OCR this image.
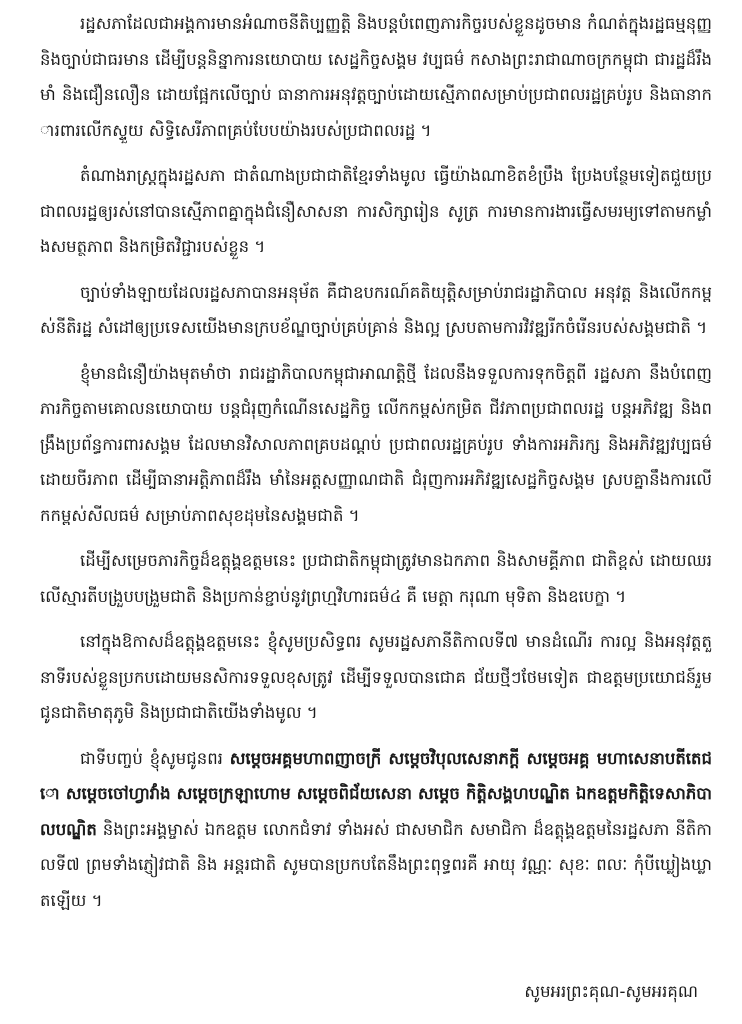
រដ្ឋសភាដែលជាអង្គការមានអំណាចនីតិប្បញ្ញត្តិ និងបន្តបំពេញភារកិច្ចរបស់ខ្លួនដូចមាន កំណត់ក្នុងរដ្ឋធម្មនុញ្ញ និងច្បាប់ជាធរមាន ដើម្បីបន្តនិន្នាការនយោបាយ សេដ្ឋកិច្ចសង្គម វប្បធម៌ កសាងព្រះរាជាណាចក្រកម្ពុជា ជារដ្ឋដ៏រឹងមាំ និងជឿនលឿន ដោយផ្អែកលើច្បាប់ ធានាការអនុវត្តច្បាប់ដោយស្មើភាពសម្រាប់ប្រជាពលរដ្ឋគ្រប់រូប និងធានាការពារលើកស្ទួយ សិទ្ធិសេរីភាពគ្រប់បែបយ៉ាងរបស់ប្រជាពលរដ្ឋ ។

តំណាងរាស្ត្រក្នុងរដ្ឋសភា ជាតំណាងប្រជាជាតិខ្មែរទាំងមូល ធ្វើយ៉ាងណាខិតខំប្រឹង ប្រែងបន្ថែមទៀតជួយប្រជាពលរដ្ឋឲ្យរស់នៅបានស្មើភាពគ្នាក្នុងជំនឿសាសនា ការសិក្សារៀន សូត្រ ការមានការងារធ្វើសមរម្យទៅតាមកម្លាំងសមត្ថភាព និងកម្រិតវិជ្ជារបស់ខ្លួន ។

ច្បាប់ទាំងឡាយដែលរដ្ឋសភាបានអនុម័ត គឺជាឧបករណ៍គតិយុត្តិសម្រាប់រាជរដ្ឋាភិបាល អនុវត្ត និងលើកកម្ពស់នីតិរដ្ឋ សំដៅឲ្យប្រទេសយើងមានក្របខ័ណ្ឌច្បាប់គ្រប់គ្រាន់ និងល្អ ស្របតាមការវិវឌ្ឍរីកចំរើនរបស់សង្គមជាតិ ។

ខ្ញុំមានជំនឿយ៉ាងមុតមាំថា រាជរដ្ឋាភិបាលកម្ពុជាអាណត្តិថ្មី ដែលនឹងទទួលការទុកចិត្តពី រដ្ឋសភា នឹងបំពេញភារកិច្ចតាមគោលនយោបាយ បន្តជំរុញកំណើនសេដ្ឋកិច្ច លើកកម្ពស់កម្រិត ជីវភាពប្រជាពលរដ្ឋ បន្តអភិវឌ្ឍ និងពង្រឹងប្រព័ន្ធការពារសង្គម ដែលមានវិសាលភាពគ្របដណ្តប់ ប្រជាពលរដ្ឋគ្រប់រូប ទាំងការអភិរក្ស និងអភិវឌ្ឍវប្បធម៌ដោយចីរភាព ដើម្បីធានាអត្តិភាពដ៏រឹង មាំនៃអត្តសញ្ញាណជាតិ ជំរុញការអភិវឌ្ឍសេដ្ឋកិច្ចសង្គម ស្របគ្នានឹងការលើកកម្ពស់សីលធម៌ សម្រាប់ភាពសុខដុមនៃសង្គមជាតិ ។

ដើម្បីសម្រេចភារកិច្ចដ៏ឧត្តុង្គឧត្តមនេះ ប្រជាជាតិកម្ពុជាត្រូវមានឯកភាព និងសាមគ្គីភាព ជាតិខ្ពស់ ដោយឈរលើស្មារតីបង្រួបបង្រួមជាតិ និងប្រកាន់ខ្ជាប់នូវព្រហ្មវិហារធម៌៤ គឺ មេត្តា ករុណា មុទិតា និងឧបេក្ខា ។

នៅក្នុងឱកាសដ៏ឧត្តុង្គឧត្តមនេះ ខ្ញុំសូមប្រសិទ្ធពរ សូមរដ្ឋសភានីតិកាលទី៧ មានដំណើរ ការល្អ និងអនុវត្តតួនាទីរបស់ខ្លួនប្រកបដោយមនសិការទទួលខុសត្រូវ ដើម្បីទទួលបានជោគ ជ័យថ្មីៗថែមទៀត ជាឧត្តមប្រយោជន៍រួម ជូនជាតិមាតុភូមិ និងប្រជាជាតិយើងទាំងមូល ។

ជាទីបញ្ចប់ ខ្ញុំសូមជូនពរ សម្តេចអគ្គមហាពញាចក្រី សម្តេចវិបុលសេនាភក្តី សម្តេចអគ្គ មហាសេនាបតីតេជោ សម្តេចចៅហ្វាវាំង សម្តេចក្រឡាហោម សម្តេចពិជ័យសេនា សម្តេច កិត្តិសង្គហបណ្ឌិត ឯកឧត្តមកិត្តិទេសាភិបាលបណ្ឌិត និងព្រះអង្គម្ចាស់ ឯកឧត្តម លោកជំទាវ ទាំងអស់ ជាសមាជិក សមាជិកា ដ៏ឧត្តុង្គឧត្តមនៃរដ្ឋសភា នីតិកាលទី៧ ព្រមទាំងភ្ញៀវជាតិ និង អន្តរជាតិ សូមបានប្រកបតែនឹងព្រះពុទ្ធពរគឺ អាយុ វណ្ណៈ សុខៈ ពលៈ កុំបីឃ្លៀងឃ្លាតឡើយ ។

សូមអរព្រះគុណ-សូមអរគុណ
